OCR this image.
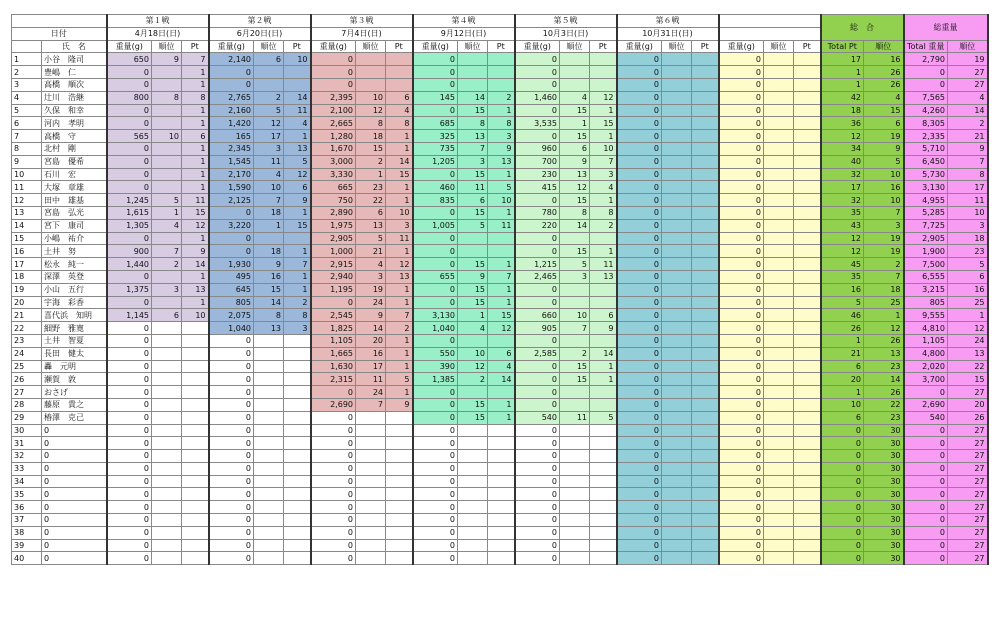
		第１戦			第２戦			第３戦			第４戦			第５戦			第６戦						総　合		総重量	
日付		4月18日(日)			6月20日(日)			7月4日(日)			9月12日(日)			10月3日(日)			10月31日(日)									
	氏　名	重量(g)	順位	Pt	重量(g)	順位	Pt	重量(g)	順位	Pt	重量(g)	順位	Pt	重量(g)	順位	Pt	重量(g)	順位	Pt	重量(g)	順位	Pt	Total Pt	順位	Total 重量	順位
1	小谷　隆司	650	9	7	2,140	6	10	0			0			0			0			0			17	16	2,790	19
2	豊嶋　仁	0		1	0			0			0			0			0			0			1	26	0	27
3	高橋　順次	0		1	0			0			0			0			0			0			1	26	0	27
4	辻川　浩継	800	8	8	2,765	2	14	2,395	10	6	145	14	2	1,460	4	12	0			0			42	4	7,565	4
5	久保　和幸	0		1	2,160	5	11	2,100	12	4	0	15	1	0	15	1	0			0			18	15	4,260	14
6	河内　孝明	0		1	1,420	12	4	2,665	8	8	685	8	8	3,535	1	15	0			0			36	6	8,305	2
7	高橋　守	565	10	6	165	17	1	1,280	18	1	325	13	3	0	15	1	0			0			12	19	2,335	21
8	北村　剛	0		1	2,345	3	13	1,670	15	1	735	7	9	960	6	10	0			0			34	9	5,710	9
9	宮島　優希	0		1	1,545	11	5	3,000	2	14	1,205	3	13	700	9	7	0			0			40	5	6,450	7
10	石川　宏	0		1	2,170	4	12	3,330	1	15	0	15	1	230	13	3	0			0			32	10	5,730	8
11	大塚　章雄	0		1	1,590	10	6	665	23	1	460	11	5	415	12	4	0			0			17	16	3,130	17
12	田中　雄基	1,245	5	11	2,125	7	9	750	22	1	835	6	10	0	15	1	0			0			32	10	4,955	11
13	宮島　弘光	1,615	1	15	0	18	1	2,890	6	10	0	15	1	780	8	8	0			0			35	7	5,285	10
14	宮下　康司	1,305	4	12	3,220	1	15	1,975	13	3	1,005	5	11	220	14	2	0			0			43	3	7,725	3
15	小嶋　祐介	0		1	0			2,905	5	11	0			0			0			0			12	19	2,905	18
16	土井　努	900	7	9	0	18	1	1,000	21	1	0			0	15	1	0			0			12	19	1,900	23
17	松永　純一	1,440	2	14	1,930	9	7	2,915	4	12	0	15	1	1,215	5	11	0			0			45	2	7,500	5
18	深澤　英登	0		1	495	16	1	2,940	3	13	655	9	7	2,465	3	13	0			0			35	7	6,555	6
19	小山　五行	1,375	3	13	645	15	1	1,195	19	1	0	15	1	0			0			0			16	18	3,215	16
20	宇海　彩香	0		1	805	14	2	0	24	1	0	15	1	0			0			0			5	25	805	25
21	喜代浜　知明	1,145	6	10	2,075	8	8	2,545	9	7	3,130	1	15	660	10	6	0			0			46	1	9,555	1
22	細野　雅寛	0			1,040	13	3	1,825	14	2	1,040	4	12	905	7	9	0			0			26	12	4,810	12
23	土井　智夏	0			0			1,105	20	1	0			0			0			0			1	26	1,105	24
24	長田　健太	0			0			1,665	16	1	550	10	6	2,585	2	14	0			0			21	13	4,800	13
25	轟　元明	0			0			1,630	17	1	390	12	4	0	15	1	0			0			6	23	2,020	22
26	瀬賀　敦	0			0			2,315	11	5	1,385	2	14	0	15	1	0			0			20	14	3,700	15
27	おさげ	0			0			0	24	1	0			0			0			0			1	26	0	27
28	藤原　貴之	0			0			2,690	7	9	0	15	1	0			0			0			10	22	2,690	20
29	椿澤　克己	0			0			0			0	15	1	540	11	5	0			0			6	23	540	26
30	0	0			0			0			0			0			0			0			0	30	0	27
31	0	0			0			0			0			0			0			0			0	30	0	27
32	0	0			0			0			0			0			0			0			0	30	0	27
33	0	0			0			0			0			0			0			0			0	30	0	27
34	0	0			0			0			0			0			0			0			0	30	0	27
35	0	0			0			0			0			0			0			0			0	30	0	27
36	0	0			0			0			0			0			0			0			0	30	0	27
37	0	0			0			0			0			0			0			0			0	30	0	27
38	0	0			0			0			0			0			0			0			0	30	0	27
39	0	0			0			0			0			0			0			0			0	30	0	27
40	0	0			0			0			0			0			0			0			0	30	0	27
